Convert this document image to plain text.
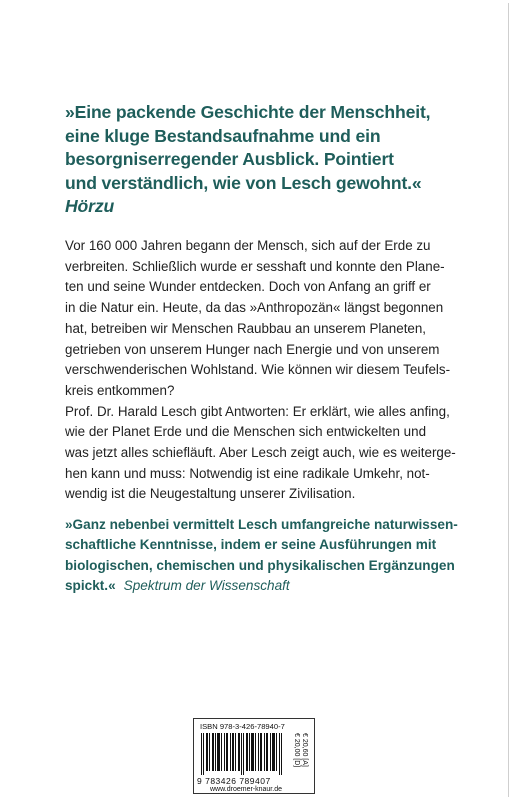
»Eine packende Geschichte der Menschheit,
eine kluge Bestandsaufnahme und ein
besorgniserregender Ausblick. Pointiert
und verständlich, wie von Lesch gewohnt.«
Hörzu
Vor 160 000 Jahren begann der Mensch, sich auf der Erde zu
verbreiten. Schließlich wurde er sesshaft und konnte den Plane-
ten und seine Wunder entdecken. Doch von Anfang an griff er
in die Natur ein. Heute, da das »Anthropozän« längst begonnen
hat, betreiben wir Menschen Raubbau an unserem Planeten,
getrieben von unserem Hunger nach Energie und von unserem
verschwenderischen Wohlstand. Wie können wir diesem Teufels-
kreis entkommen?
Prof. Dr. Harald Lesch gibt Antworten: Er erklärt, wie alles anfing,
wie der Planet Erde und die Menschen sich entwickelten und
was jetzt alles schiefläuft. Aber Lesch zeigt auch, wie es weiterge-
hen kann und muss: Notwendig ist eine radikale Umkehr, not-
wendig ist die Neugestaltung unserer Zivilisation.
»Ganz nebenbei vermittelt Lesch umfangreiche naturwissen-
schaftliche Kenntnisse, indem er seine Ausführungen mit
biologischen, chemischen und physikalischen Ergänzungen
spickt.« Spektrum der Wissenschaft
ISBN 978-3-426-78940-7
€ 20,00 [D] € 20,60 [A]
9 783426 789407
www.droemer-knaur.de
